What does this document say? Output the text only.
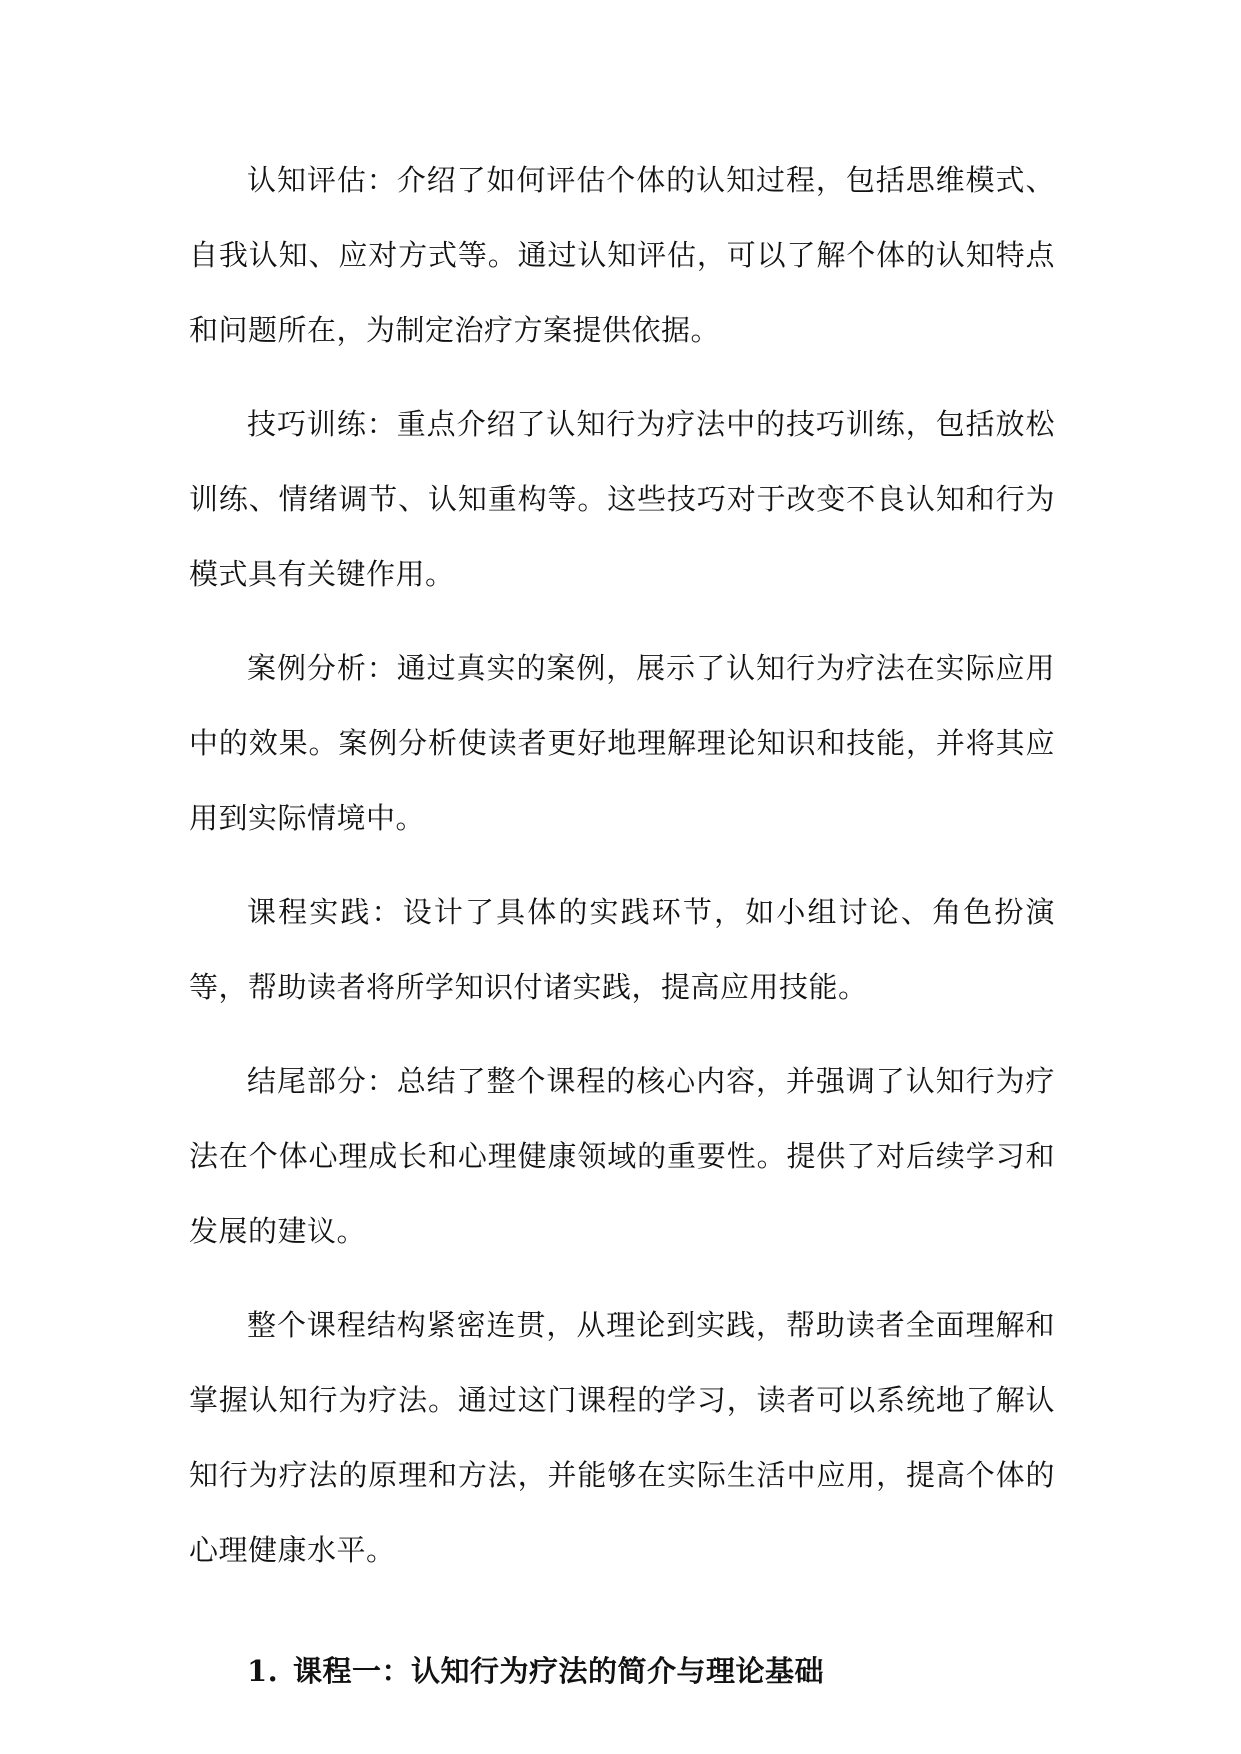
认知评估：介绍了如何评估个体的认知过程，包括思维模式、自我认知、应对方式等。通过认知评估，可以了解个体的认知特点和问题所在，为制定治疗方案提供依据。

技巧训练：重点介绍了认知行为疗法中的技巧训练，包括放松训练、情绪调节、认知重构等。这些技巧对于改变不良认知和行为模式具有关键作用。

案例分析：通过真实的案例，展示了认知行为疗法在实际应用中的效果。案例分析使读者更好地理解理论知识和技能，并将其应用到实际情境中。

课程实践：设计了具体的实践环节，如小组讨论、角色扮演等，帮助读者将所学知识付诸实践，提高应用技能。

结尾部分：总结了整个课程的核心内容，并强调了认知行为疗法在个体心理成长和心理健康领域的重要性。提供了对后续学习和发展的建议。

整个课程结构紧密连贯，从理论到实践，帮助读者全面理解和掌握认知行为疗法。通过这门课程的学习，读者可以系统地了解认知行为疗法的原理和方法，并能够在实际生活中应用，提高个体的心理健康水平。

1. 课程一：认知行为疗法的简介与理论基础
